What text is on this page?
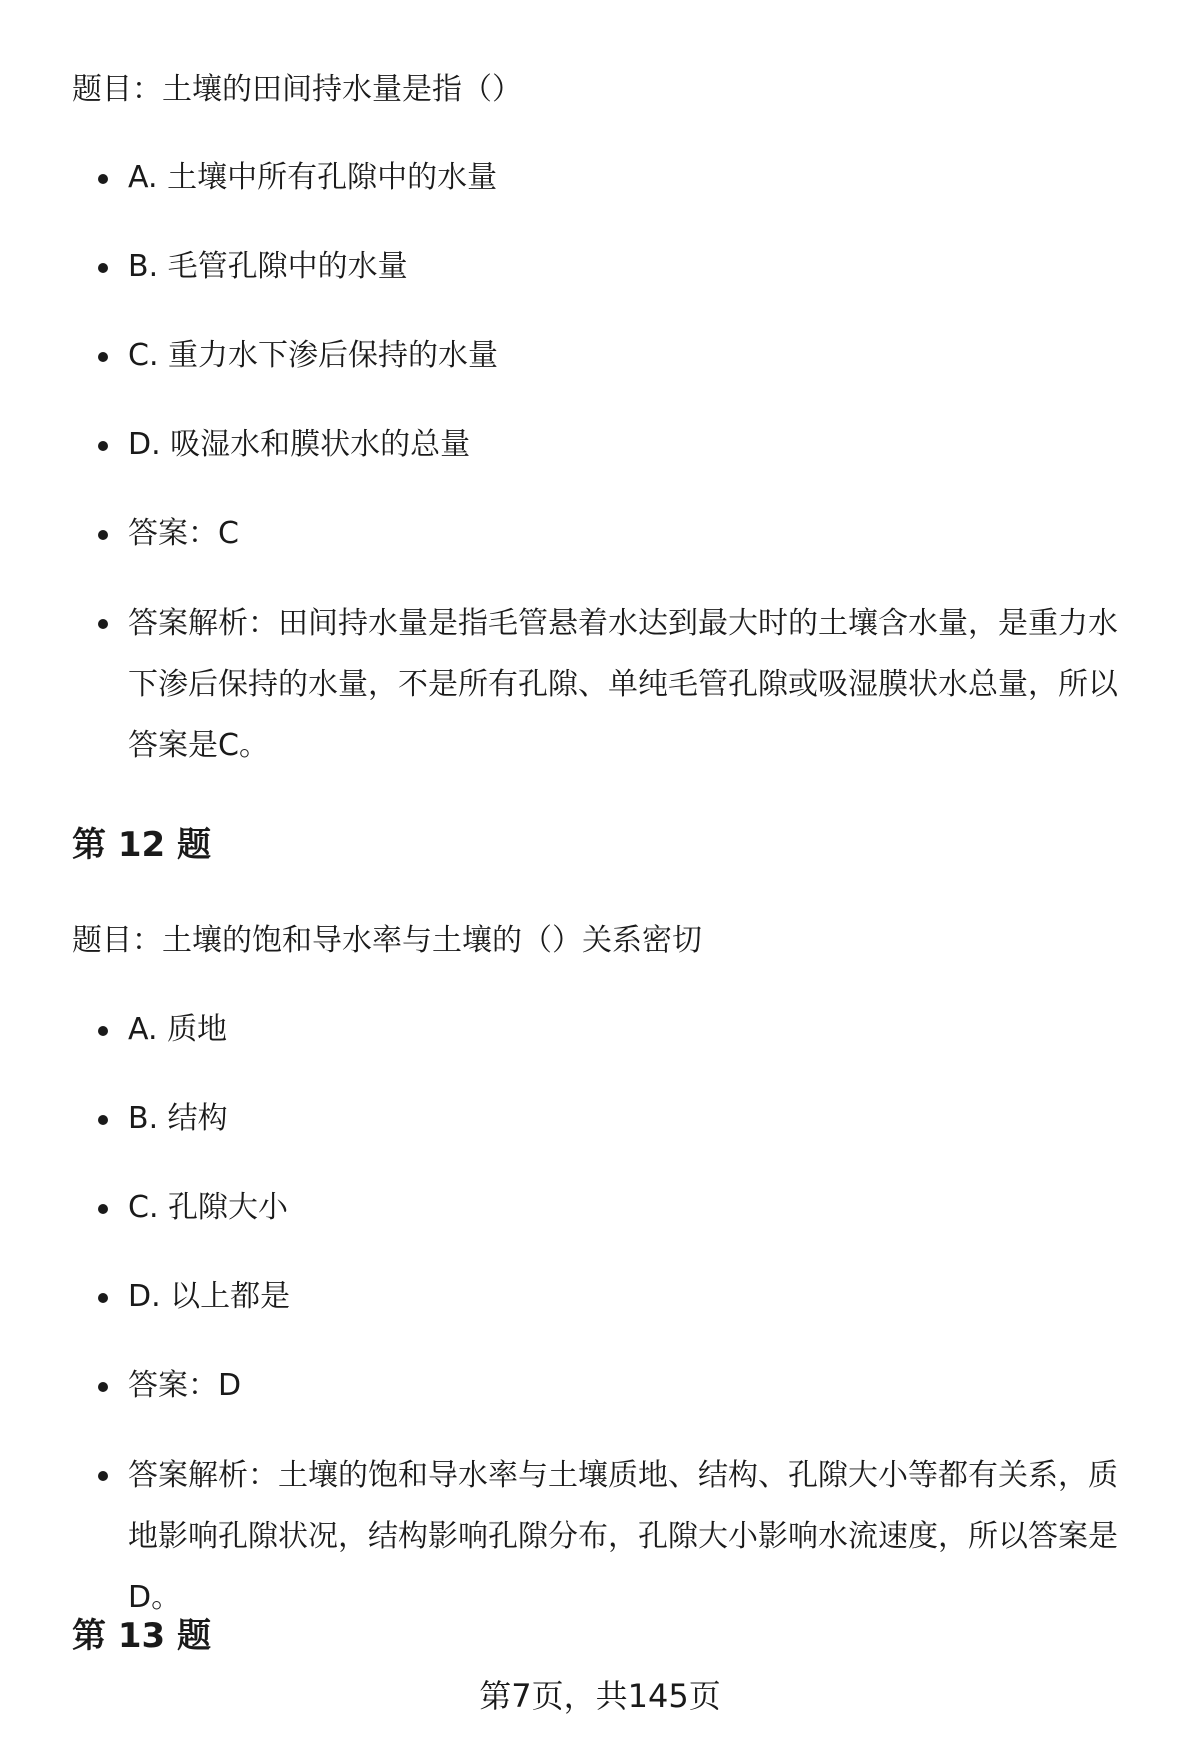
题目：土壤的田间持水量是指（）

A. 土壤中所有孔隙中的水量
B. 毛管孔隙中的水量
C. 重力水下渗后保持的水量
D. 吸湿水和膜状水的总量
答案：C
答案解析：田间持水量是指毛管悬着水达到最大时的土壤含水量，是重力水下渗后保持的水量，不是所有孔隙、单纯毛管孔隙或吸湿膜状水总量，所以答案是C。
第 12 题

题目：土壤的饱和导水率与土壤的（）关系密切

A. 质地
B. 结构
C. 孔隙大小
D. 以上都是
答案：D
答案解析：土壤的饱和导水率与土壤质地、结构、孔隙大小等都有关系，质地影响孔隙状况，结构影响孔隙分布，孔隙大小影响水流速度，所以答案是D。
第 13 题

第7页，共145页
